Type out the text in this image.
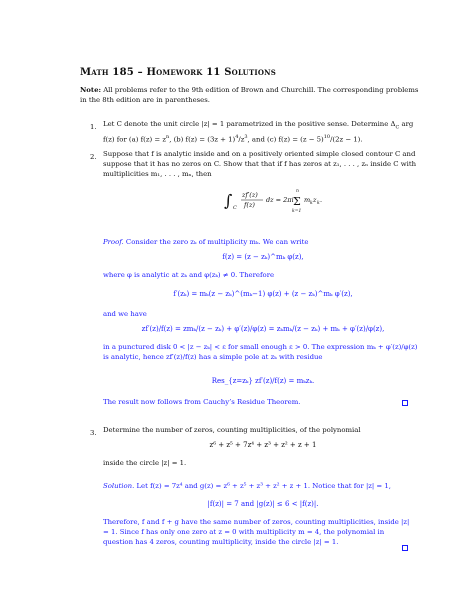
Math 185 – Homework 11 Solutions
Note: All problems refer to the 9th edition of Brown and Churchill. The corresponding problems in the 8th edition are in parentheses.
1. Let C denote the unit circle |z| = 1 parametrized in the positive sense. Determine $\Delta_C$ arg f(z) for (a) $f(z) = z^n$, (b) $f(z) = (3z + 1)^4/z^3$, and (c) $f(z) = (z - 5)^{10}/(2z - 1)$.
2. Suppose that f is analytic inside and on a positively oriented simple closed contour C and suppose that it has no zeros on C. Show that that if f has zeros at z₁, . . . , zₙ inside C with multiplicities m₁, . . . , mₙ, then
∫ C
zf′(z)
f(z)
dz = 2πi
n
Σ
k=1
m k z k .
Proof. Consider the zero zₖ of multiplicity mₖ. We can write
f(z) = (z − zₖ)^mₖ φ(z),
where φ is analytic at zₖ and φ(zₖ) ≠ 0. Therefore
f′(zₖ) = mₖ(z − zₖ)^(mₖ−1) φ(z) + (z − zₖ)^mₖ φ′(z),
and we have
zf′(z)/f(z) = zmₖ/(z − zₖ) + φ′(z)/φ(z) = zₖmₖ/(z − zₖ) + mₖ + φ′(z)/φ(z),
in a punctured disk 0 < |z − zₖ| < ε for small enough ε > 0. The expression mₖ + φ′(z)/φ(z) is analytic, hence zf′(z)/f(z) has a simple pole at zₖ with residue
Res_{z=zₖ} zf′(z)/f(z) = mₖzₖ.
The result now follows from Cauchy’s Residue Theorem.
3. Determine the number of zeros, counting multiplicities, of the polynomial
z⁶ + z⁵ + 7z⁴ + z³ + z² + z + 1
inside the circle |z| = 1.
Solution. Let f(z) = 7z⁴ and g(z) = z⁶ + z⁵ + z³ + z² + z + 1. Notice that for |z| = 1,
|f(z)| = 7 and |g(z)| ≤ 6 < |f(z)|.
Therefore, f and f + g have the same number of zeros, counting multiplicities, inside |z| = 1. Since f has only one zero at z = 0 with multiplicity m = 4, the polynomial in question has 4 zeros, counting multiplicity, inside the circle |z| = 1.
